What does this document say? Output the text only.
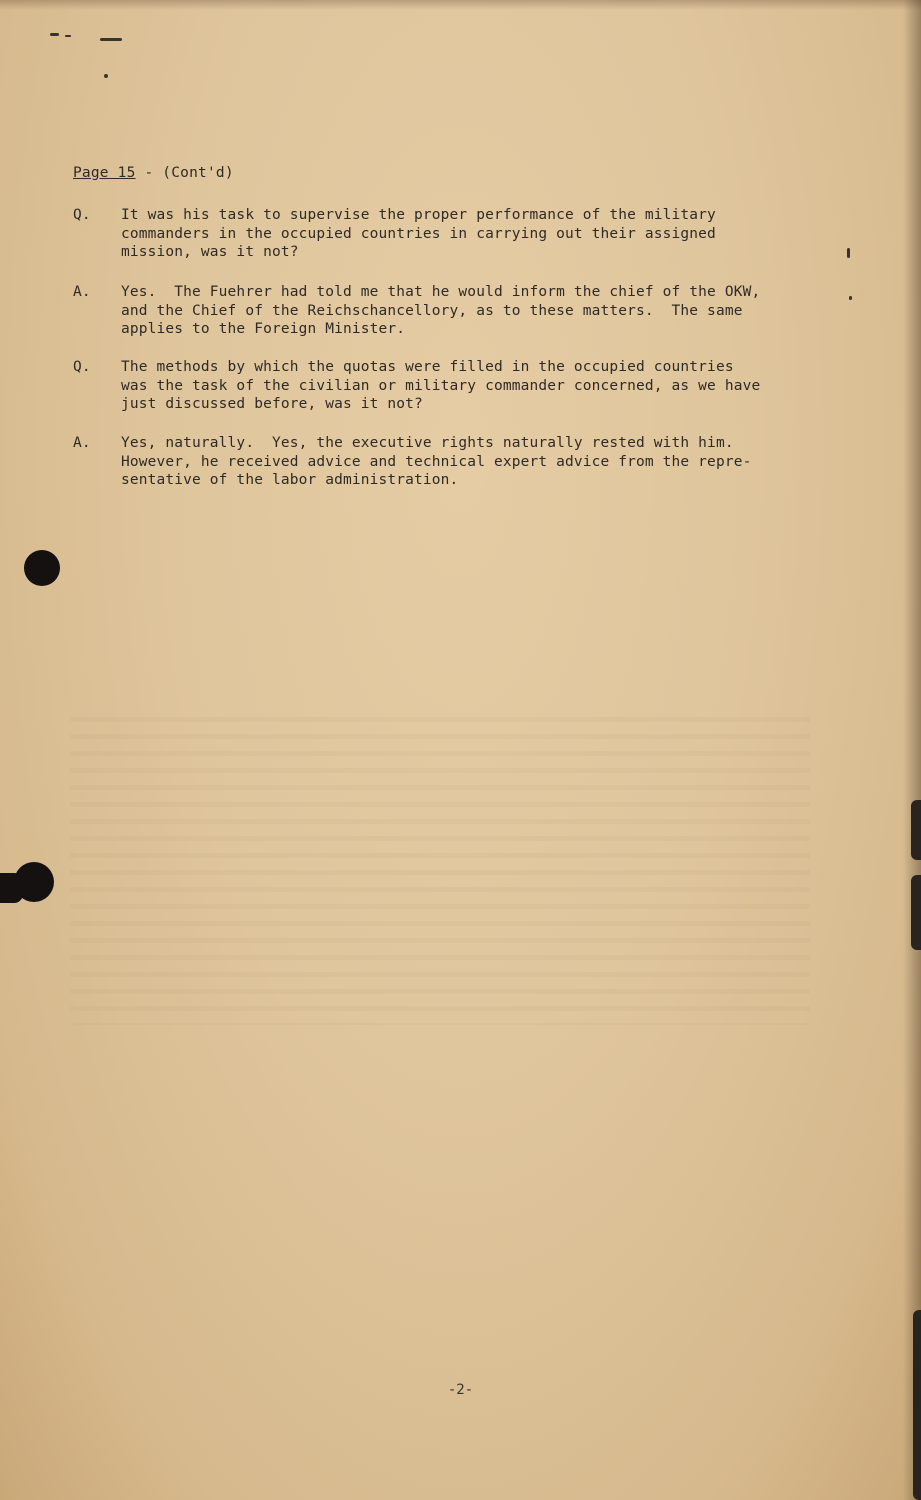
Page 15 - (Cont'd)
Q.	It was his task to supervise the proper performance of the military
commanders in the occupied countries in carrying out their assigned
mission, was it not?
A.	Yes.  The Fuehrer had told me that he would inform the chief of the OKW,
and the Chief of the Reichschancellory, as to these matters.  The same
applies to the Foreign Minister.
Q.	The methods by which the quotas were filled in the occupied countries
was the task of the civilian or military commander concerned, as we have
just discussed before, was it not?
A.	Yes, naturally.  Yes, the executive rights naturally rested with him.
However, he received advice and technical expert advice from the repre-
sentative of the labor administration.
-2-
